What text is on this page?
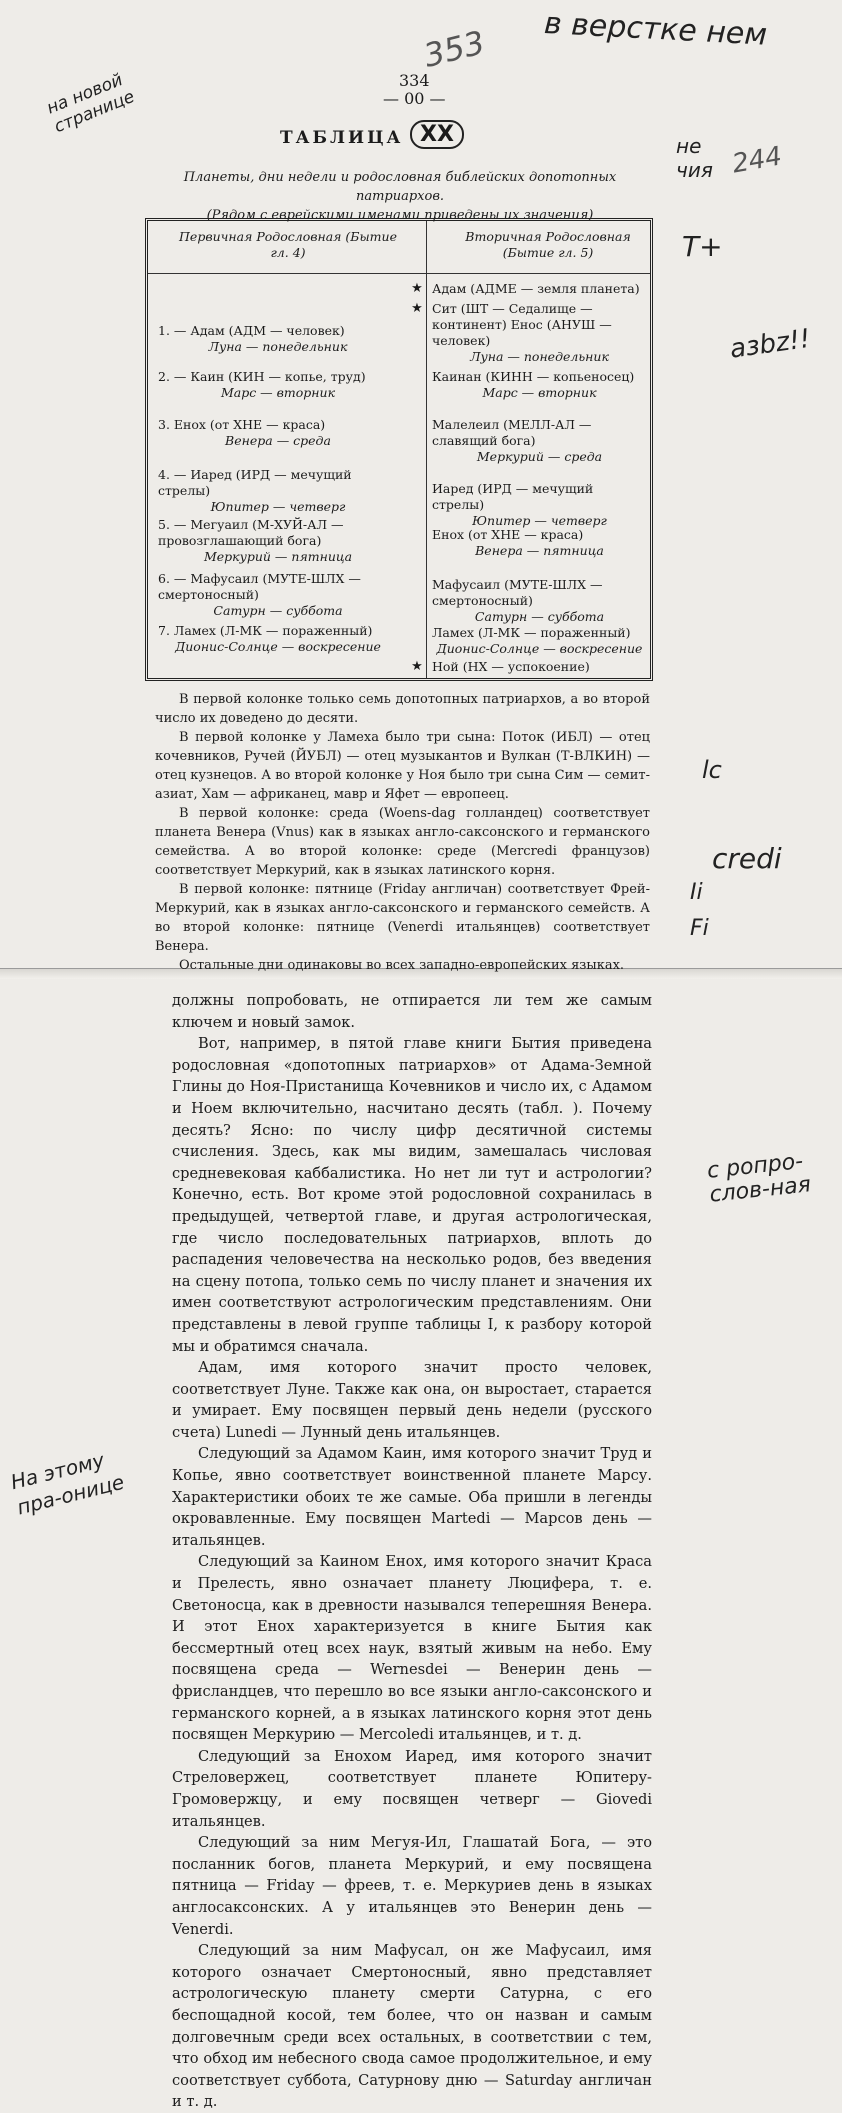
в верстке нем
на новой странице
353
244
не чия
Т+
азbz!!
lc
credi
Ii
Fi
с ропро-слов-ная
На этому пра-онице
334
— 00 —
ТАБЛИЦА XX
Планеты, дни недели и родословная библейских допотопных патриархов.
(Рядом с еврейскими именами приведены их значения)
Первичная Родословная (Бытие гл. 4)
Вторичная Родословная (Бытие гл. 5)
Адам (АДМЕ — земля планета)
Сит (ШТ — Седалище — континент) Енос (АНУШ — человек)
Луна — понедельник
Каинан (КИНН — копьеносец)
Марс — вторник
Малелеил (МЕЛЛ-АЛ — славящий бога)
Меркурий — среда
Иаред (ИРД — мечущий стрелы)
Юпитер — четверг
Енох (от ХНЕ — краса)
Венера — пятница
Мафусаил (МУТЕ-ШЛХ — смертоносный)
Сатурн — суббота
Ламех (Л-МК — пораженный)
Дионис-Солнце — воскресение
Ной (НХ — успокоение)
1. — Адам (АДМ — человек)
Луна — понедельник
2. — Каин (КИН — копье, труд)
Марс — вторник
3. Енох (от ХНЕ — краса)
Венера — среда
4. — Иаред (ИРД — мечущий стрелы)
Юпитер — четверг
5. — Мегуаил (М-ХУЙ-АЛ — провозглашающий бога)
Меркурий — пятница
6. — Мафусаил (МУТЕ-ШЛХ — смертоносный)
Сатурн — суббота
7. Ламех (Л-МК — пораженный)
Дионис-Солнце — воскресение
★
★
★

В первой колонке только семь допотопных патриархов, а во второй число их доведено до десяти.

В первой колонке у Ламеха было три сына: Поток (ИБЛ) — отец кочевников, Ручей (ЙУБЛ) — отец музыкантов и Вулкан (Т-ВЛКИН) — отец кузнецов. А во второй колонке у Ноя было три сына Сим — семит-азиат, Хам — африканец, мавр и Яфет — европеец.

В первой колонке: среда (Woens-dag голландец) соответствует планета Венера (Vnus) как в языках англо-саксонского и германского семейства. А во второй колонке: среде (Mercredi французов) соответствует Меркурий, как в языках латинского корня.

В первой колонке: пятнице (Friday англичан) соответствует Фрей-Меркурий, как в языках англо-саксонского и германского семейств. А во второй колонке: пятнице (Venerdi итальянцев) соответствует Венера.

Остальные дни одинаковы во всех западно-европейских языках.

должны попробовать, не отпирается ли тем же самым ключем и новый замок.

Вот, например, в пятой главе книги Бытия приведена родословная «допотопных патриархов» от Адама-Земной Глины до Ноя-Пристанища Кочевников и число их, с Адамом и Ноем включительно, насчитано десять (табл. ). Почему десять? Ясно: по числу цифр десятичной системы счисления. Здесь, как мы видим, замешалась числовая средневековая каббалистика. Но нет ли тут и астрологии? Конечно, есть. Вот кроме этой родословной сохранилась в предыдущей, четвертой главе, и другая астрологическая, где число последовательных патриархов, вплоть до распадения человечества на несколько родов, без введения на сцену потопа, только семь по числу планет и значения их имен соответствуют астрологическим представлениям. Они представлены в левой группе таблицы I, к разбору которой мы и обратимся сначала.

Адам, имя которого значит просто человек, соответствует Луне. Также как она, он выростает, старается и умирает. Ему посвящен первый день недели (русского счета) Lunedi — Лунный день итальянцев.

Следующий за Адамом Каин, имя которого значит Труд и Копье, явно соответствует воинственной планете Марсу. Характеристики обоих те же самые. Оба пришли в легенды окровавленные. Ему посвящен Martedi — Марсов день — итальянцев.

Следующий за Каином Енох, имя которого значит Краса и Прелесть, явно означает планету Люцифера, т. е. Светоносца, как в древности назывался теперешняя Венера. И этот Енох характеризуется в книге Бытия как бессмертный отец всех наук, взятый живым на небо. Ему посвящена среда — Wernesdei — Венерин день — фрисландцев, что перешло во все языки англо-саксонского и германского корней, а в языках латинского корня этот день посвящен Меркурию — Mercoledi итальянцев, и т. д.

Следующий за Енохом Иаред, имя которого значит Стреловержец, соответствует планете Юпитеру-Громовержцу, и ему посвящен четверг — Giovedi итальянцев.

Следующий за ним Мегуя-Ил, Глашатай Бога, — это посланник богов, планета Меркурий, и ему посвящена пятница — Friday — фреев, т. е. Меркуриев день в языках англосаксонских. А у итальянцев это Венерин день — Venerdi.

Следующий за ним Мафусал, он же Мафусаил, имя которого означает Смертоносный, явно представляет астрологическую планету смерти Сатурна, с его беспощадной косой, тем более, что он назван и самым долговечным среди всех остальных, в соответствии с тем, что обход им небесного свода самое продолжительное, и ему соответствует суббота, Сатурнову дню — Saturday англичан и т. д.
